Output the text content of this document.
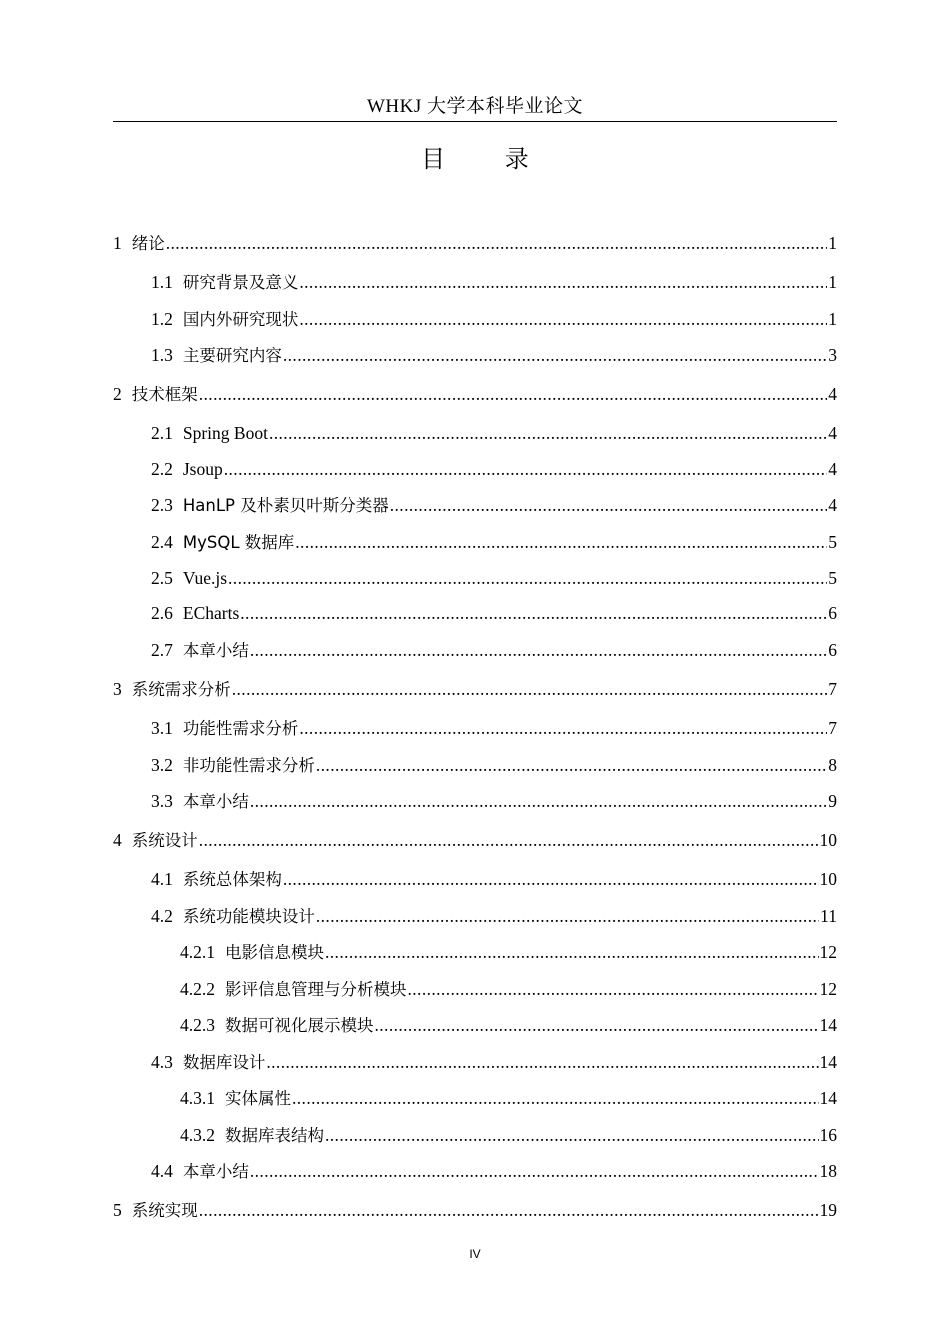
WHKJ 大学本科毕业论文
目 录
1 绪论 .....	1
1.1 研究背景及意义 .....	1
1.2 国内外研究现状 .....	1
1.3 主要研究内容 .....	3
2 技术框架 .....	4
2.1 Spring Boot .....	4
2.2 Jsoup .....	4
2.3 HanLP 及朴素贝叶斯分类器 .....	4
2.4 MySQL 数据库 .....	5
2.5 Vue.js .....	5
2.6 ECharts .....	6
2.7 本章小结 .....	6
3 系统需求分析 .....	7
3.1 功能性需求分析 .....	7
3.2 非功能性需求分析 .....	8
3.3 本章小结 .....	9
4 系统设计 .....	10
4.1 系统总体架构 .....	10
4.2 系统功能模块设计 .....	11
4.2.1 电影信息模块 .....	12
4.2.2 影评信息管理与分析模块 .....	12
4.2.3 数据可视化展示模块 .....	14
4.3 数据库设计 .....	14
4.3.1 实体属性 .....	14
4.3.2 数据库表结构 .....	16
4.4 本章小结 .....	18
5 系统实现 .....	19
IV
